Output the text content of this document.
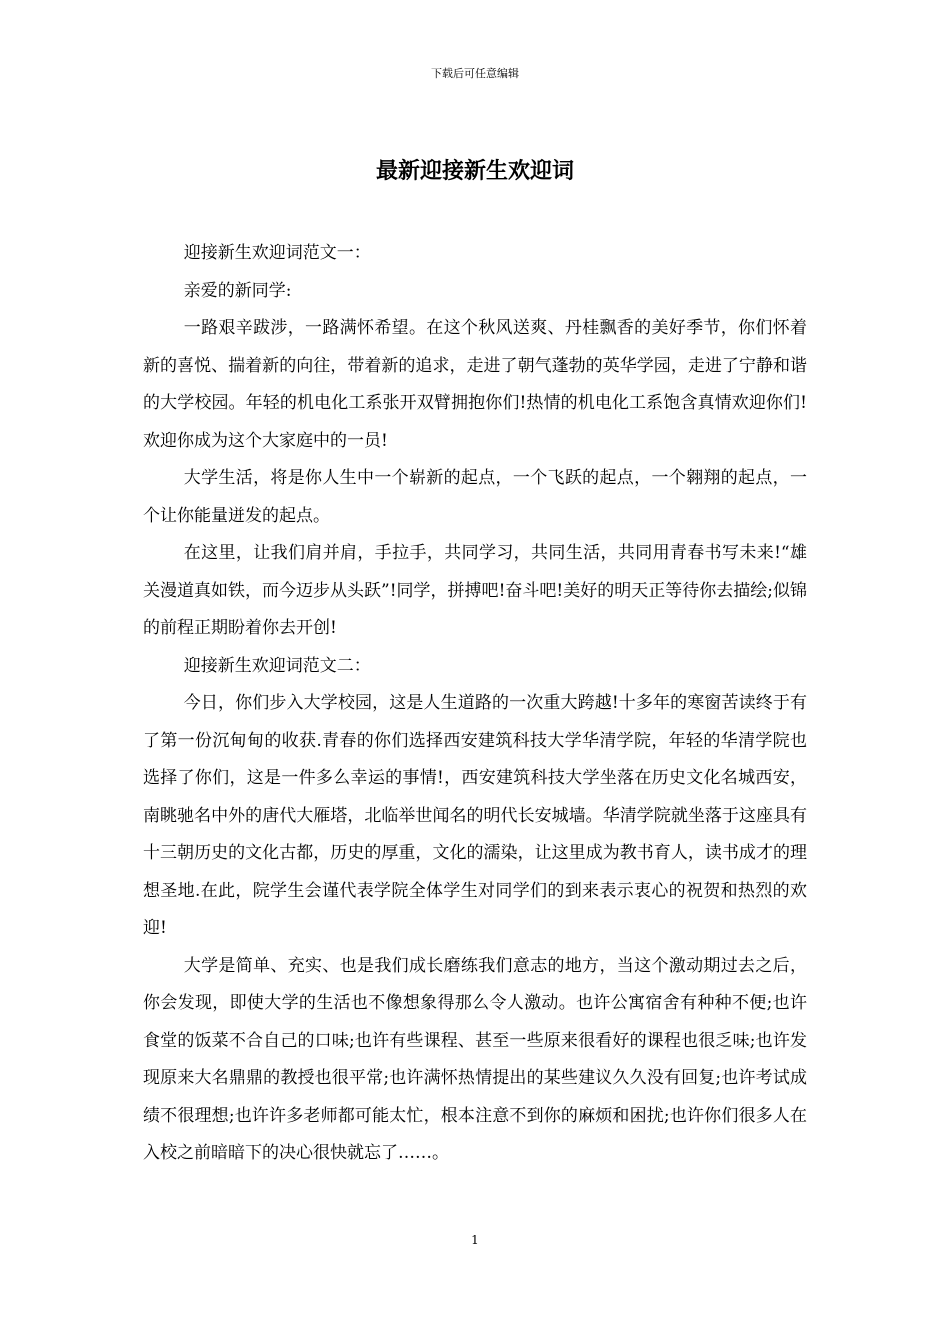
下载后可任意编辑
最新迎接新生欢迎词

迎接新生欢迎词范文一：

亲爱的新同学:

一路艰辛跋涉，一路满怀希望。在这个秋风送爽、丹桂飘香的美好季节，你们怀着新的喜悦、揣着新的向往，带着新的追求，走进了朝气蓬勃的英华学园，走进了宁静和谐的大学校园。年轻的机电化工系张开双臂拥抱你们!热情的机电化工系饱含真情欢迎你们!欢迎你成为这个大家庭中的一员!

大学生活，将是你人生中一个崭新的起点，一个飞跃的起点，一个翱翔的起点，一个让你能量迸发的起点。

在这里，让我们肩并肩，手拉手，共同学习，共同生活，共同用青春书写未来!“雄关漫道真如铁，而今迈步从头跃”!同学，拼搏吧!奋斗吧!美好的明天正等待你去描绘;似锦的前程正期盼着你去开创!

迎接新生欢迎词范文二：

今日，你们步入大学校园，这是人生道路的一次重大跨越!十多年的寒窗苦读终于有了第一份沉甸甸的收获.青春的你们选择西安建筑科技大学华清学院，年轻的华清学院也选择了你们，这是一件多么幸运的事情!，西安建筑科技大学坐落在历史文化名城西安，南眺驰名中外的唐代大雁塔，北临举世闻名的明代长安城墙。华清学院就坐落于这座具有十三朝历史的文化古都，历史的厚重，文化的濡染，让这里成为教书育人，读书成才的理想圣地.在此，院学生会谨代表学院全体学生对同学们的到来表示衷心的祝贺和热烈的欢迎!

大学是简单、充实、也是我们成长磨练我们意志的地方，当这个激动期过去之后，你会发现，即使大学的生活也不像想象得那么令人激动。也许公寓宿舍有种种不便;也许食堂的饭菜不合自己的口味;也许有些课程、甚至一些原来很看好的课程也很乏味;也许发现原来大名鼎鼎的教授也很平常;也许满怀热情提出的某些建议久久没有回复;也许考试成绩不很理想;也许许多老师都可能太忙，根本注意不到你的麻烦和困扰;也许你们很多人在入校之前暗暗下的决心很快就忘了……。

1
